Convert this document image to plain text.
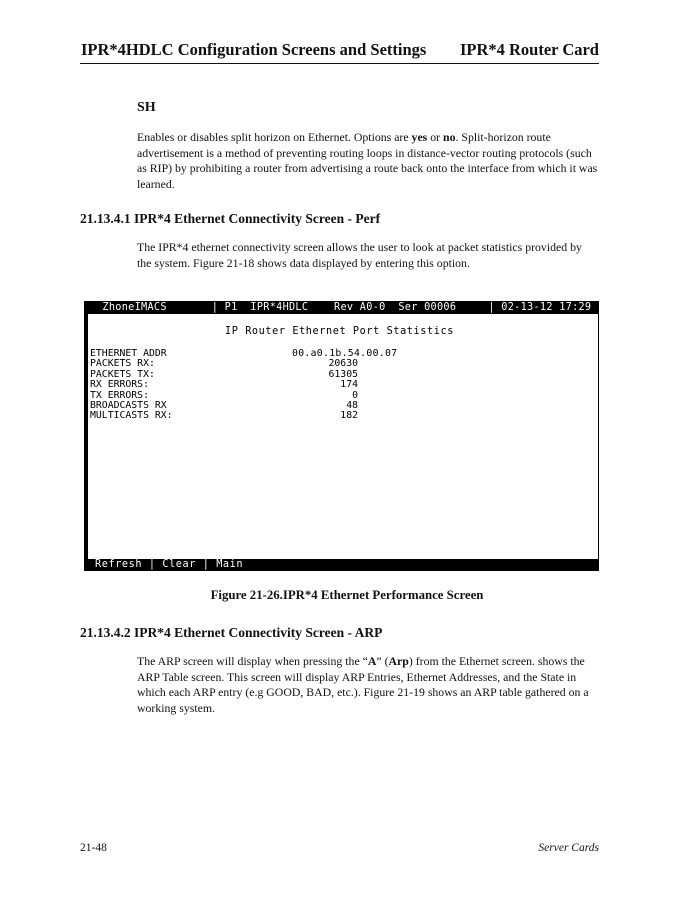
IPR*4HDLC Configuration Screens and Settings IPR*4 Router Card
SH
Enables or disables split horizon on Ethernet. Options are yes or no. Split-horizon route advertisement is a method of preventing routing loops in distance-vector routing protocols (such as RIP) by prohibiting a router from advertising a route back onto the interface from which it was learned.
21.13.4.1 IPR*4 Ethernet Connectivity Screen - Perf
The IPR*4 ethernet connectivity screen allows the user to look at packet statistics provided by the system. Figure 21-18 shows data displayed by entering this option.
ZhoneIMACS       | P1  IPR*4HDLC    Rev A0-0  Ser 00006     | 02-13-12 17:29
IP Router Ethernet Port Statistics
ETHERNET ADDR	00.a0.1b.54.00.07
PACKETS RX:	20630
PACKETS TX:	61305
RX ERRORS:	174
TX ERRORS:	0
BROADCASTS RX	48
MULTICASTS RX:	182
Refresh | Clear | Main
Figure 21-26.IPR*4 Ethernet Performance Screen
21.13.4.2 IPR*4 Ethernet Connectivity Screen - ARP
The ARP screen will display when pressing the “A” (Arp) from the Ethernet screen. shows the ARP Table screen. This screen will display ARP Entries, Ethernet Addresses, and the State in which each ARP entry (e.g GOOD, BAD, etc.). Figure 21-19 shows an ARP table gathered on a working system.
21-48	Server Cards
